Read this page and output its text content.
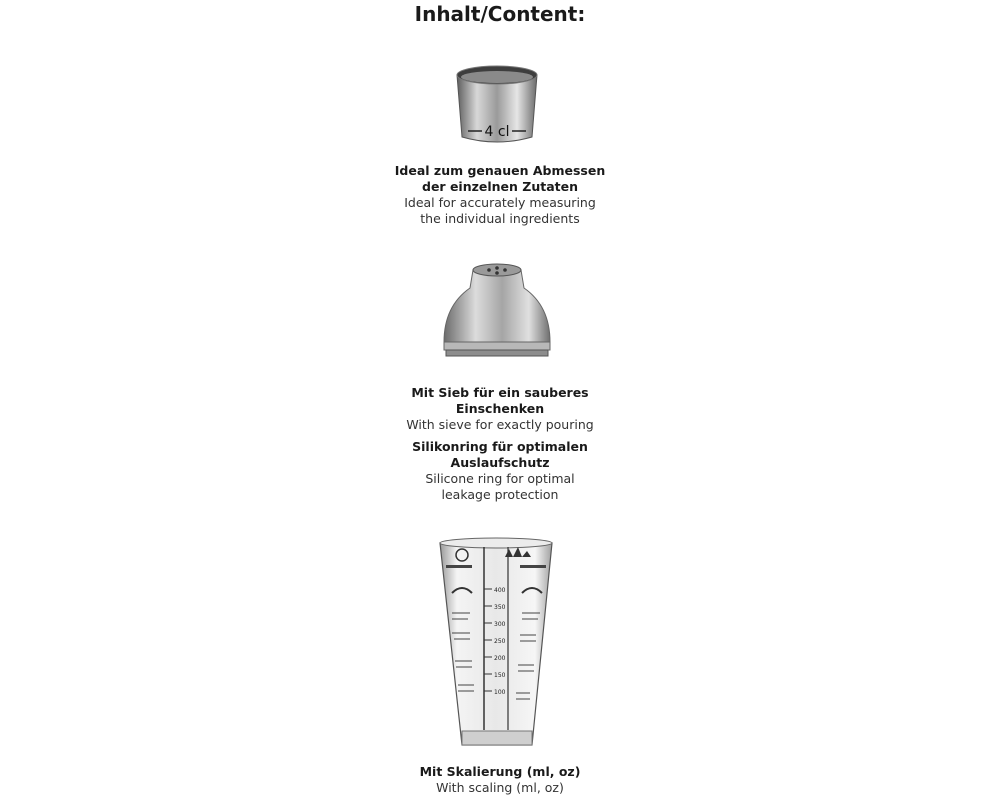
Inhalt/Content:
4 cl
Ideal zum genauen Abmessen
der einzelnen Zutaten
Ideal for accurately measuring
the individual ingredients
Mit Sieb für ein sauberes
Einschenken
With sieve for exactly pouring
Silikonring für optimalen
Auslaufschutz
Silicone ring for optimal
leakage protection
400
350
300
250
200
150
100
Mit Skalierung (ml, oz)
With scaling (ml, oz)
